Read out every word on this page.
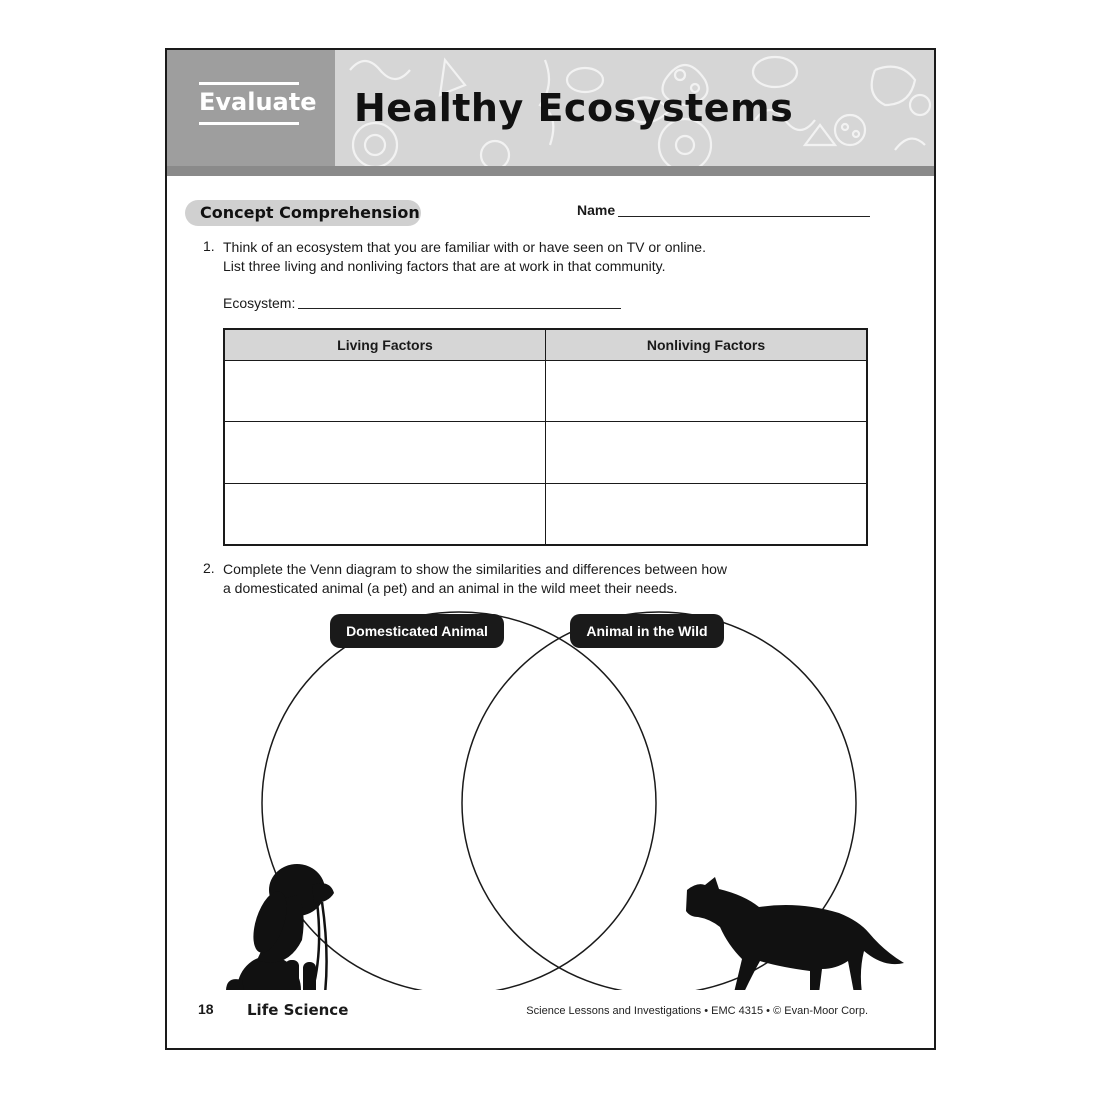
Evaluate Healthy Ecosystems
Concept Comprehension	Name
1. Think of an ecosystem that you are familiar with or have seen on TV or online.
List three living and nonliving factors that are at work in that community.
Ecosystem:
Living Factors	Nonliving Factors

2. Complete the Venn diagram to show the similarities and differences between how
a domesticated animal (a pet) and an animal in the wild meet their needs.
Domesticated Animal	Animal in the Wild
18 Life Science	Science Lessons and Investigations • EMC 4315 • © Evan-Moor Corp.
